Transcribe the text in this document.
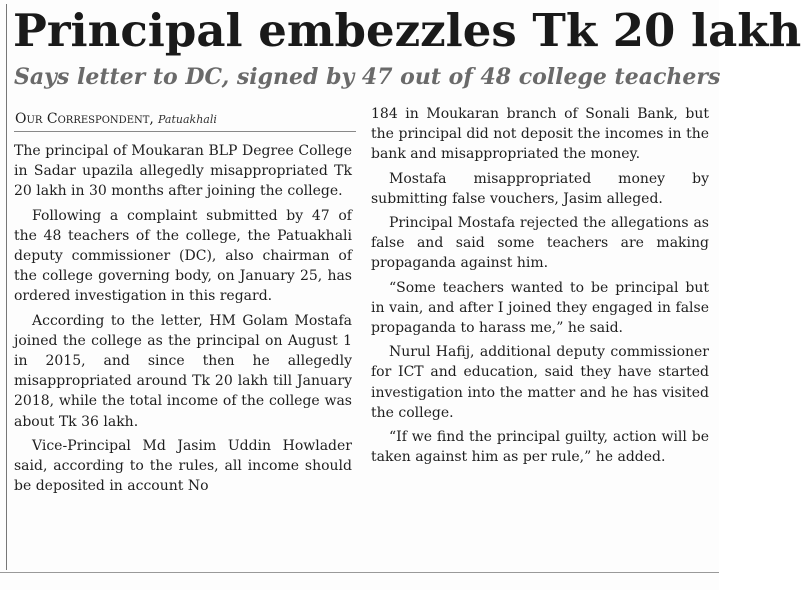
Principal embezzles Tk 20 lakh
Says letter to DC, signed by 47 out of 48 college teachers
Our Correspondent, Patuakhali

The principal of Moukaran BLP Degree College in Sadar upazila allegedly misappropriated Tk 20 lakh in 30 months after joining the college.

Following a complaint submitted by 47 of the 48 teachers of the college, the Patuakhali deputy commissioner (DC), also chairman of the college governing body, on January 25, has ordered investigation in this regard.

According to the letter, HM Golam Mostafa joined the college as the principal on August 1 in 2015, and since then he allegedly misappropriated around Tk 20 lakh till January 2018, while the total income of the college was about Tk 36 lakh.

Vice-Principal Md Jasim Uddin Howlader said, according to the rules, all income should be deposited in account No

184 in Moukaran branch of Sonali Bank, but the principal did not deposit the incomes in the bank and misappropriated the money.

Mostafa misappropriated money by submitting false vouchers, Jasim alleged.

Principal Mostafa rejected the allegations as false and said some teachers are making propaganda against him.

“Some teachers wanted to be principal but in vain, and after I joined they engaged in false propaganda to harass me,” he said.

Nurul Hafij, additional deputy commissioner for ICT and education, said they have started investigation into the matter and he has visited the college.

“If we find the principal guilty, action will be taken against him as per rule,” he added.
